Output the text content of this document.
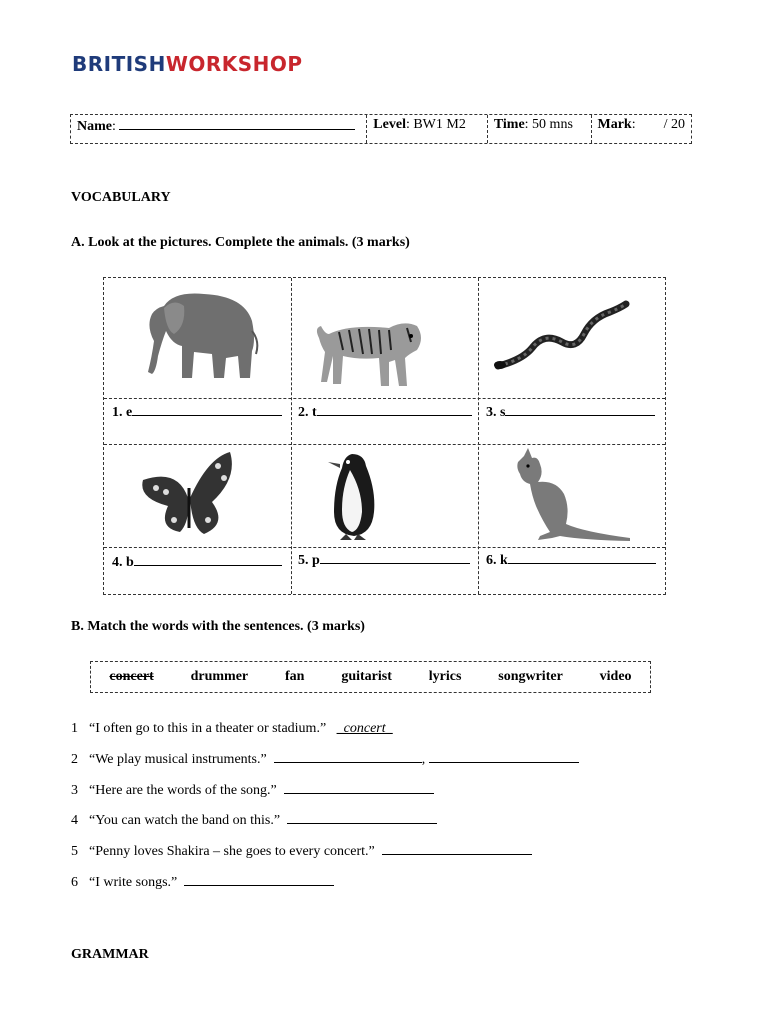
BRITISHWORKSHOP
Name:	Level: BW1 M2	Time: 50 mns	Mark:        / 20
VOCABULARY
A. Look at the pictures. Complete the animals. (3 marks)
1. e	2. t	3. s
4. b	5. p	6. k
B. Match the words with the sentences. (3 marks)
concert	drummer	fan	guitarist	lyrics	songwriter	video
1 “I often go to this in a theater or stadium.” _concert_
2 “We play musical instruments.”	,
3 “Here are the words of the song.”
4 “You can watch the band on this.”
5 “Penny loves Shakira – she goes to every concert.”
6 “I write songs.”
GRAMMAR
